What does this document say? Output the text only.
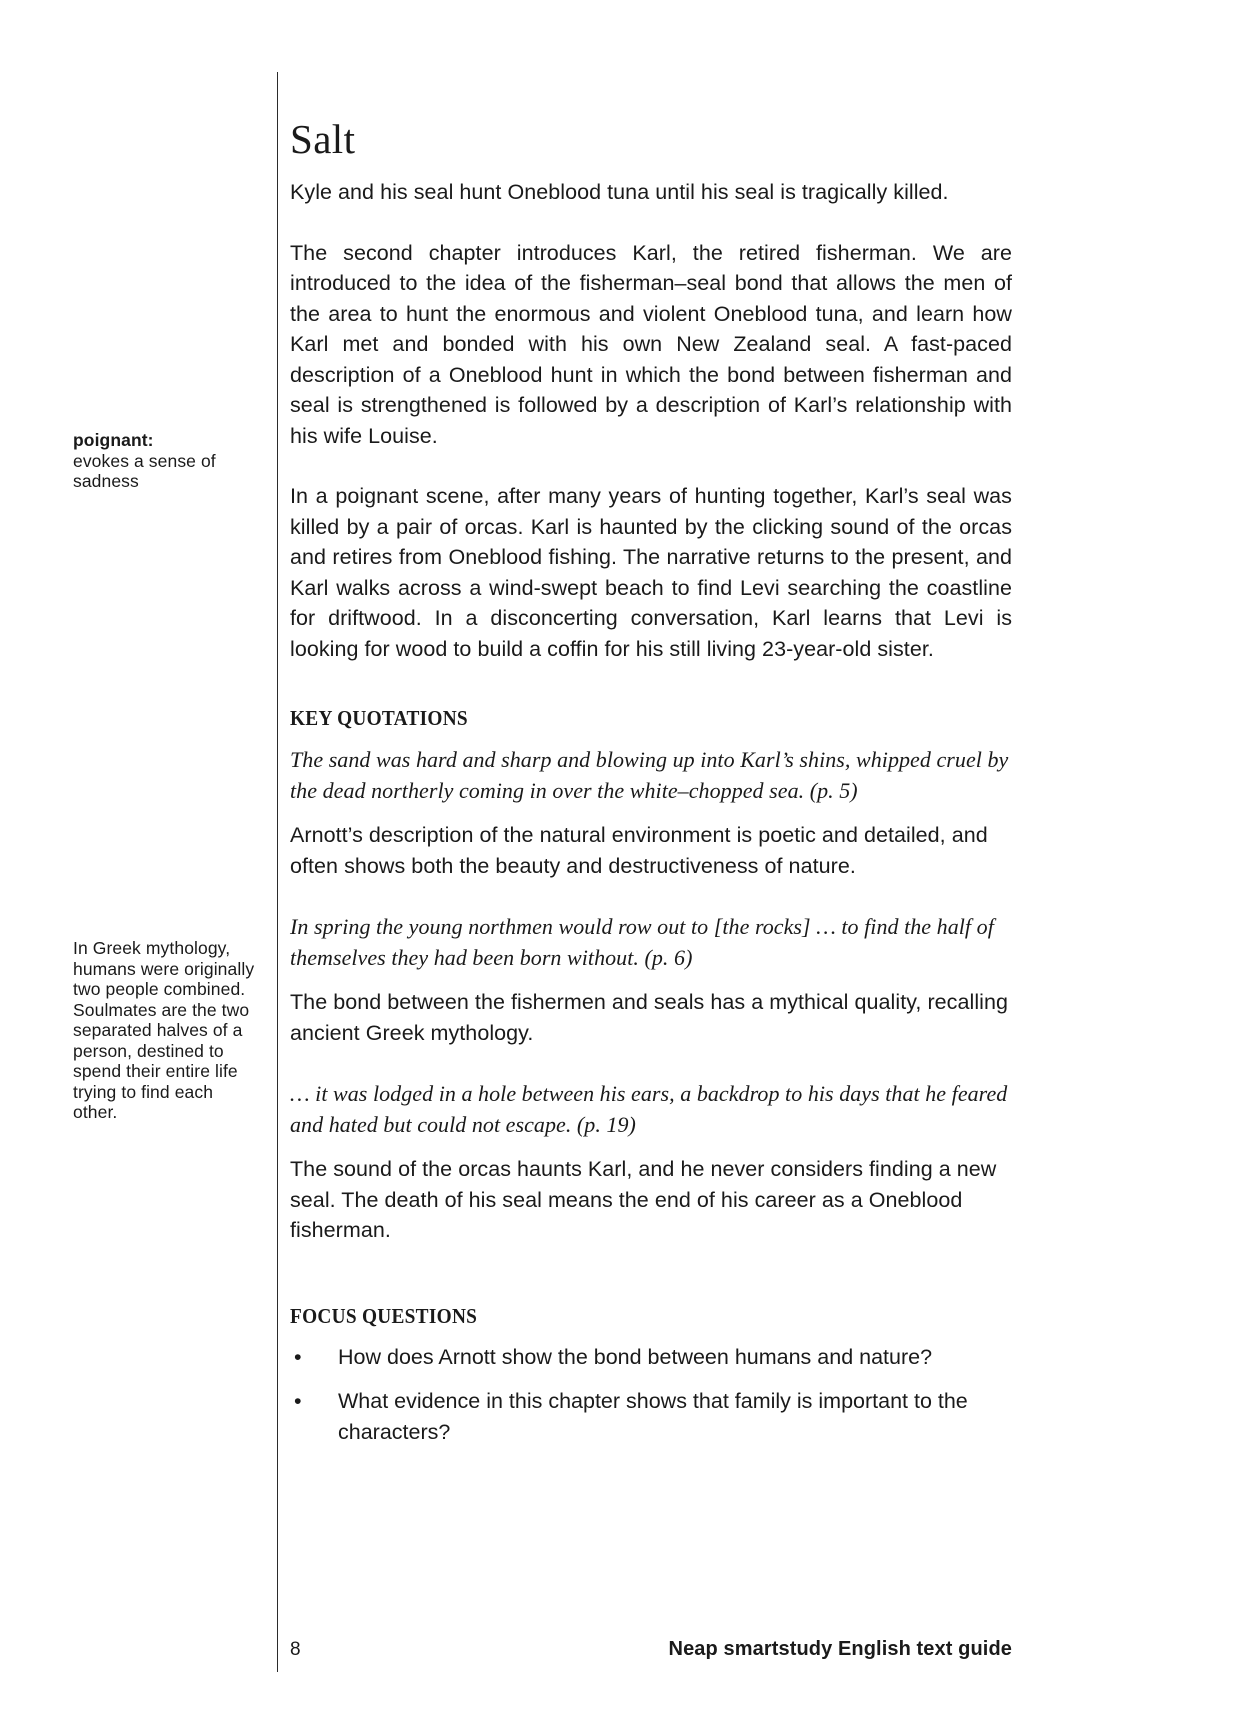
poignant:
evokes a sense of sadness
In Greek mythology, humans were originally two people combined. Soulmates are the two separated halves of a person, destined to spend their entire life trying to find each other.
Salt

Kyle and his seal hunt Oneblood tuna until his seal is tragically killed.

The second chapter introduces Karl, the retired fisherman. We are introduced to the idea of the fisherman–seal bond that allows the men of the area to hunt the enormous and violent Oneblood tuna, and learn how Karl met and bonded with his own New Zealand seal. A fast-paced description of a Oneblood hunt in which the bond between fisherman and seal is strengthened is followed by a description of Karl’s relationship with his wife Louise.

In a poignant scene, after many years of hunting together, Karl’s seal was killed by a pair of orcas. Karl is haunted by the clicking sound of the orcas and retires from Oneblood fishing. The narrative returns to the present, and Karl walks across a wind-swept beach to find Levi searching the coastline for driftwood. In a disconcerting conversation, Karl learns that Levi is looking for wood to build a coffin for his still living 23-year-old sister.

KEY QUOTATIONS

The sand was hard and sharp and blowing up into Karl’s shins, whipped cruel by the dead northerly coming in over the white–chopped sea. (p. 5)

Arnott’s description of the natural environment is poetic and detailed, and often shows both the beauty and destructiveness of nature.

In spring the young northmen would row out to [the rocks] … to find the half of themselves they had been born without. (p. 6)

The bond between the fishermen and seals has a mythical quality, recalling ancient Greek mythology.

… it was lodged in a hole between his ears, a backdrop to his days that he feared and hated but could not escape. (p. 19)

The sound of the orcas haunts Karl, and he never considers finding a new seal. The death of his seal means the end of his career as a Oneblood fisherman.

FOCUS QUESTIONS
• How does Arnott show the bond between humans and nature?
• What evidence in this chapter shows that family is important to the characters?
8	Neap smartstudy English text guide
